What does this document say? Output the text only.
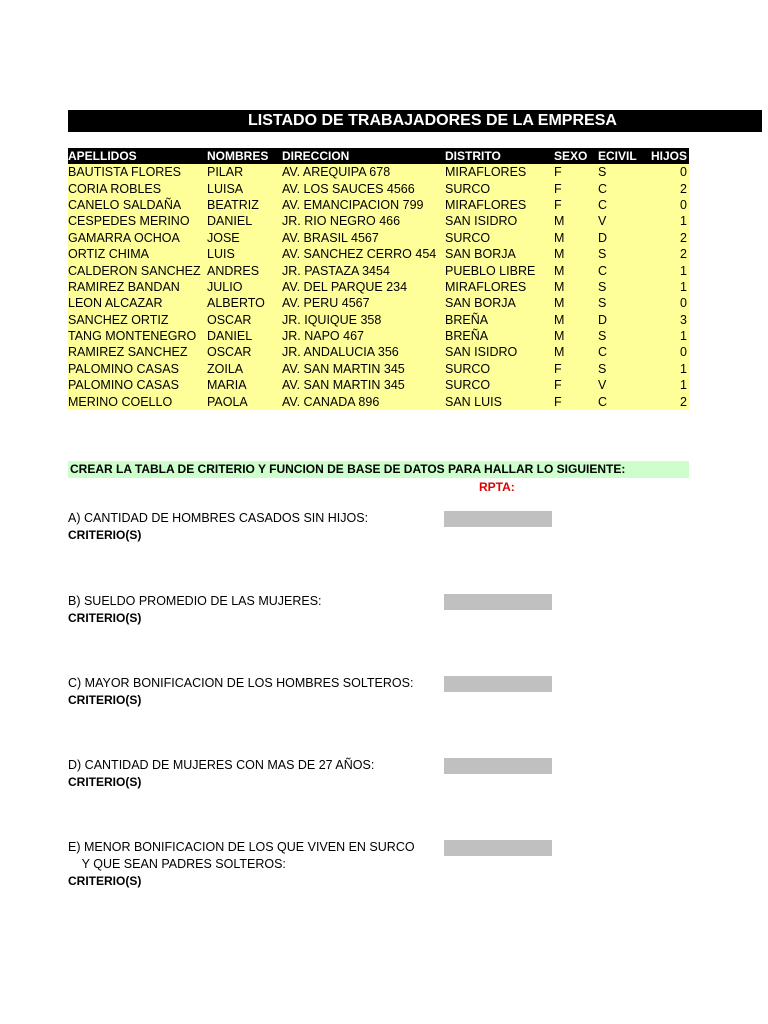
LISTADO DE TRABAJADORES DE LA EMPRESA
APELLIDOS	NOMBRES	DIRECCION	DISTRITO	SEXO	ECIVIL	HIJOS
BAUTISTA FLORES	PILAR	AV. AREQUIPA 678	MIRAFLORES	F	S	0
CORIA ROBLES	LUISA	AV. LOS SAUCES 4566	SURCO	F	C	2
CANELO SALDAÑA	BEATRIZ	AV. EMANCIPACION 799	MIRAFLORES	F	C	0
CESPEDES MERINO	DANIEL	JR. RIO NEGRO 466	SAN ISIDRO	M	V	1
GAMARRA OCHOA	JOSE	AV. BRASIL 4567	SURCO	M	D	2
ORTIZ CHIMA	LUIS	AV. SANCHEZ CERRO 454	SAN BORJA	M	S	2
CALDERON SANCHEZ	ANDRES	JR. PASTAZA 3454	PUEBLO LIBRE	M	C	1
RAMIREZ BANDAN	JULIO	AV. DEL PARQUE 234	MIRAFLORES	M	S	1
LEON ALCAZAR	ALBERTO	AV. PERU 4567	SAN BORJA	M	S	0
SANCHEZ ORTIZ	OSCAR	JR. IQUIQUE 358	BREÑA	M	D	3
TANG MONTENEGRO	DANIEL	JR. NAPO 467	BREÑA	M	S	1
RAMIREZ SANCHEZ	OSCAR	JR. ANDALUCIA 356	SAN ISIDRO	M	C	0
PALOMINO CASAS	ZOILA	AV. SAN MARTIN 345	SURCO	F	S	1
PALOMINO CASAS	MARIA	AV. SAN MARTIN 345	SURCO	F	V	1
MERINO COELLO	PAOLA	AV. CANADA 896	SAN LUIS	F	C	2
CREAR LA TABLA DE CRITERIO Y FUNCION DE BASE DE DATOS PARA HALLAR LO SIGUIENTE:
RPTA:
A) CANTIDAD DE HOMBRES CASADOS SIN HIJOS:
CRITERIO(S)
B) SUELDO PROMEDIO DE LAS MUJERES:
CRITERIO(S)
C) MAYOR BONIFICACION DE LOS HOMBRES SOLTEROS:
CRITERIO(S)
D) CANTIDAD DE MUJERES CON MAS DE 27 AÑOS:
CRITERIO(S)
E) MENOR BONIFICACION DE LOS QUE VIVEN EN SURCO
Y QUE SEAN PADRES SOLTEROS:
CRITERIO(S)
